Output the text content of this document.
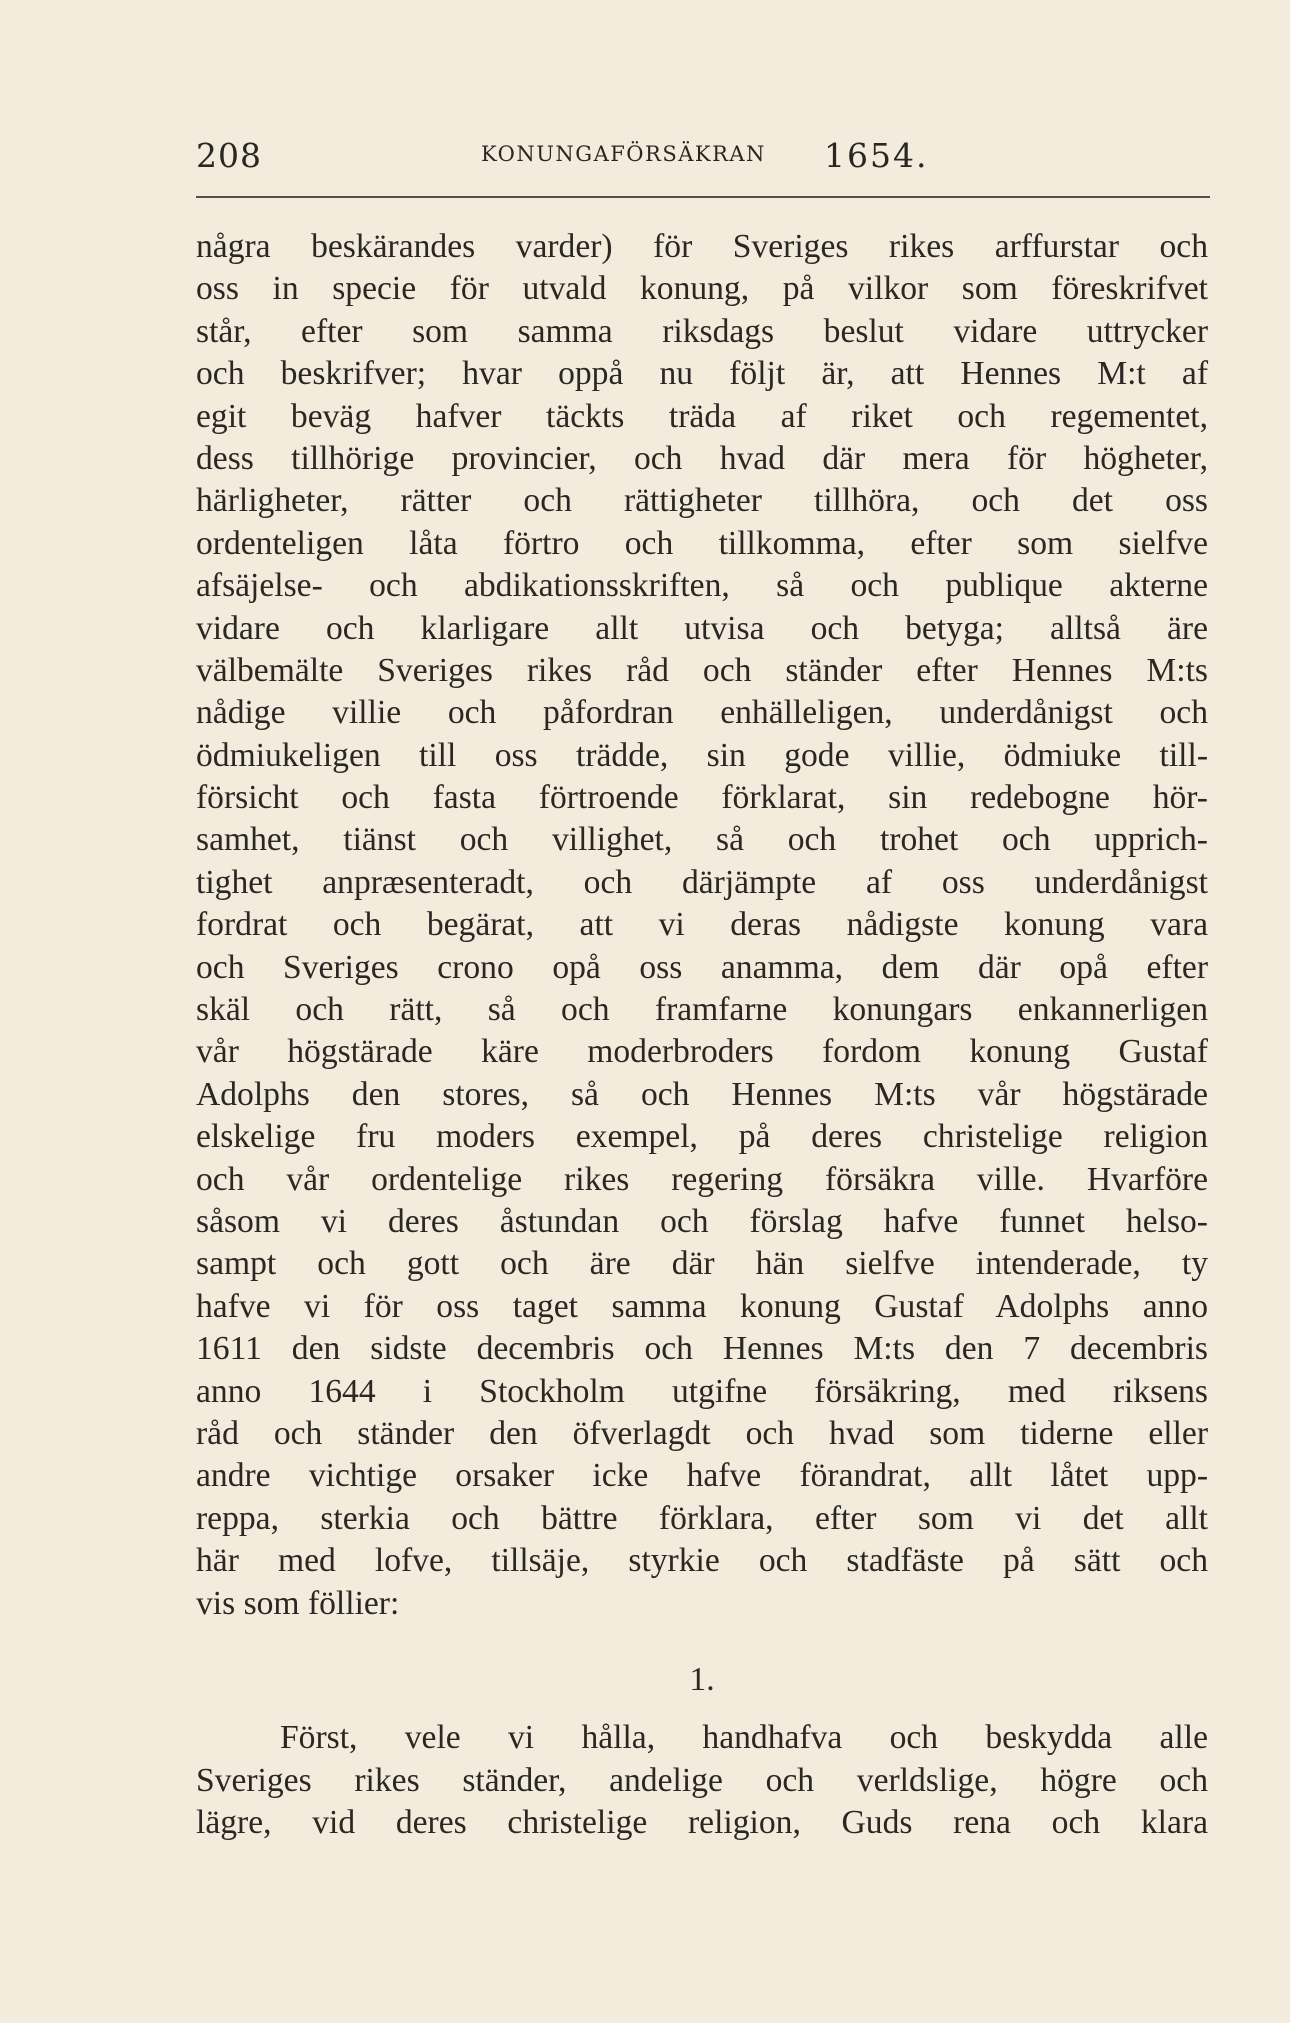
208	KONUNGAFÖRSÄKRAN 1654.
några beskärandes varder) för Sveriges rikes arffurstar och
oss in specie för utvald konung, på vilkor som föreskrifvet
står, efter som samma riksdags beslut vidare uttrycker
och beskrifver; hvar oppå nu följt är, att Hennes M:t af
egit beväg hafver täckts träda af riket och regementet,
dess tillhörige provincier, och hvad där mera för högheter,
härligheter, rätter och rättigheter tillhöra, och det oss
ordenteligen låta förtro och tillkomma, efter som sielfve
afsäjelse- och abdikationsskriften, så och publique akterne
vidare och klarligare allt utvisa och betyga; alltså äre
välbemälte Sveriges rikes råd och ständer efter Hennes M:ts
nådige villie och påfordran enhälleligen, underdånigst och
ödmiukeligen till oss trädde, sin gode villie, ödmiuke till-
försicht och fasta förtroende förklarat, sin redebogne hör-
samhet, tiänst och villighet, så och trohet och upprich-
tighet anpræsenteradt, och därjämpte af oss underdånigst
fordrat och begärat, att vi deras nådigste konung vara
och Sveriges crono opå oss anamma, dem där opå efter
skäl och rätt, så och framfarne konungars enkannerligen
vår högstärade käre moderbroders fordom konung Gustaf
Adolphs den stores, så och Hennes M:ts vår högstärade
elskelige fru moders exempel, på deres christelige religion
och vår ordentelige rikes regering försäkra ville. Hvarföre
såsom vi deres åstundan och förslag hafve funnet helso-
sampt och gott och äre där hän sielfve intenderade, ty
hafve vi för oss taget samma konung Gustaf Adolphs anno
1611 den sidste decembris och Hennes M:ts den 7 decembris
anno 1644 i Stockholm utgifne försäkring, med riksens
råd och ständer den öfverlagdt och hvad som tiderne eller
andre vichtige orsaker icke hafve förandrat, allt låtet upp-
reppa, sterkia och bättre förklara, efter som vi det allt
här med lofve, tillsäje, styrkie och stadfäste på sätt och
vis som föllier:
1.
Först, vele vi hålla, handhafva och beskydda alle
Sveriges rikes ständer, andelige och verldslige, högre och
lägre, vid deres christelige religion, Guds rena och klara
